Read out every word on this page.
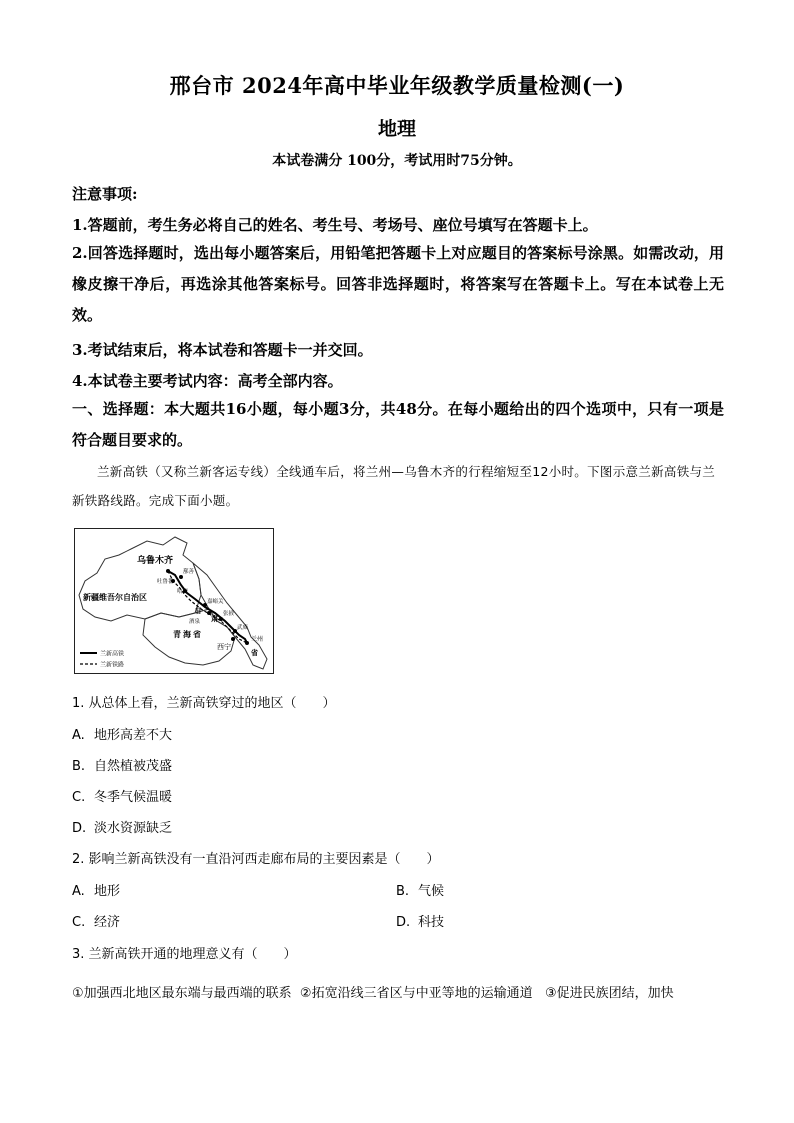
邢台市 2024年高中毕业年级教学质量检测(一)
地理
本试卷满分 100分，考试用时75分钟。
注意事项:
1.答题前，考生务必将自己的姓名、考生号、考场号、座位号填写在答题卡上。
2.回答选择题时，选出每小题答案后，用铅笔把答题卡上对应题目的答案标号涂黑。如需改动，用橡皮擦干净后，再选涂其他答案标号。回答非选择题时，将答案写在答题卡上。写在本试卷上无效。
3.考试结束后，将本试卷和答题卡一并交回。
4.本试卷主要考试内容：高考全部内容。
一、选择题：本大题共16小题，每小题3分，共48分。在每小题给出的四个选项中，只有一项是符合题目要求的。
兰新高铁（又称兰新客运专线）全线通车后，将兰州—乌鲁木齐的行程缩短至12小时。下图示意兰新高铁与兰新铁路线路。完成下面小题。
乌鲁木齐
鄯善
吐鲁番
哈密
新疆维吾尔自治区	嘉峪关
甘
酒泉
张掖
肃
武威
青海省
兰州
西宁
省
兰新高铁
兰新铁路
1. 从总体上看，兰新高铁穿过的地区（　　）
A. 地形高差不大
B. 自然植被茂盛
C. 冬季气候温暖
D. 淡水资源缺乏
2. 影响兰新高铁没有一直沿河西走廊布局的主要因素是（　　）
A. 地形	B. 气候
C. 经济	D. 科技
3. 兰新高铁开通的地理意义有（　　）
①加强西北地区最东端与最西端的联系  ②拓宽沿线三省区与中亚等地的运输通道   ③促进民族团结，加快
